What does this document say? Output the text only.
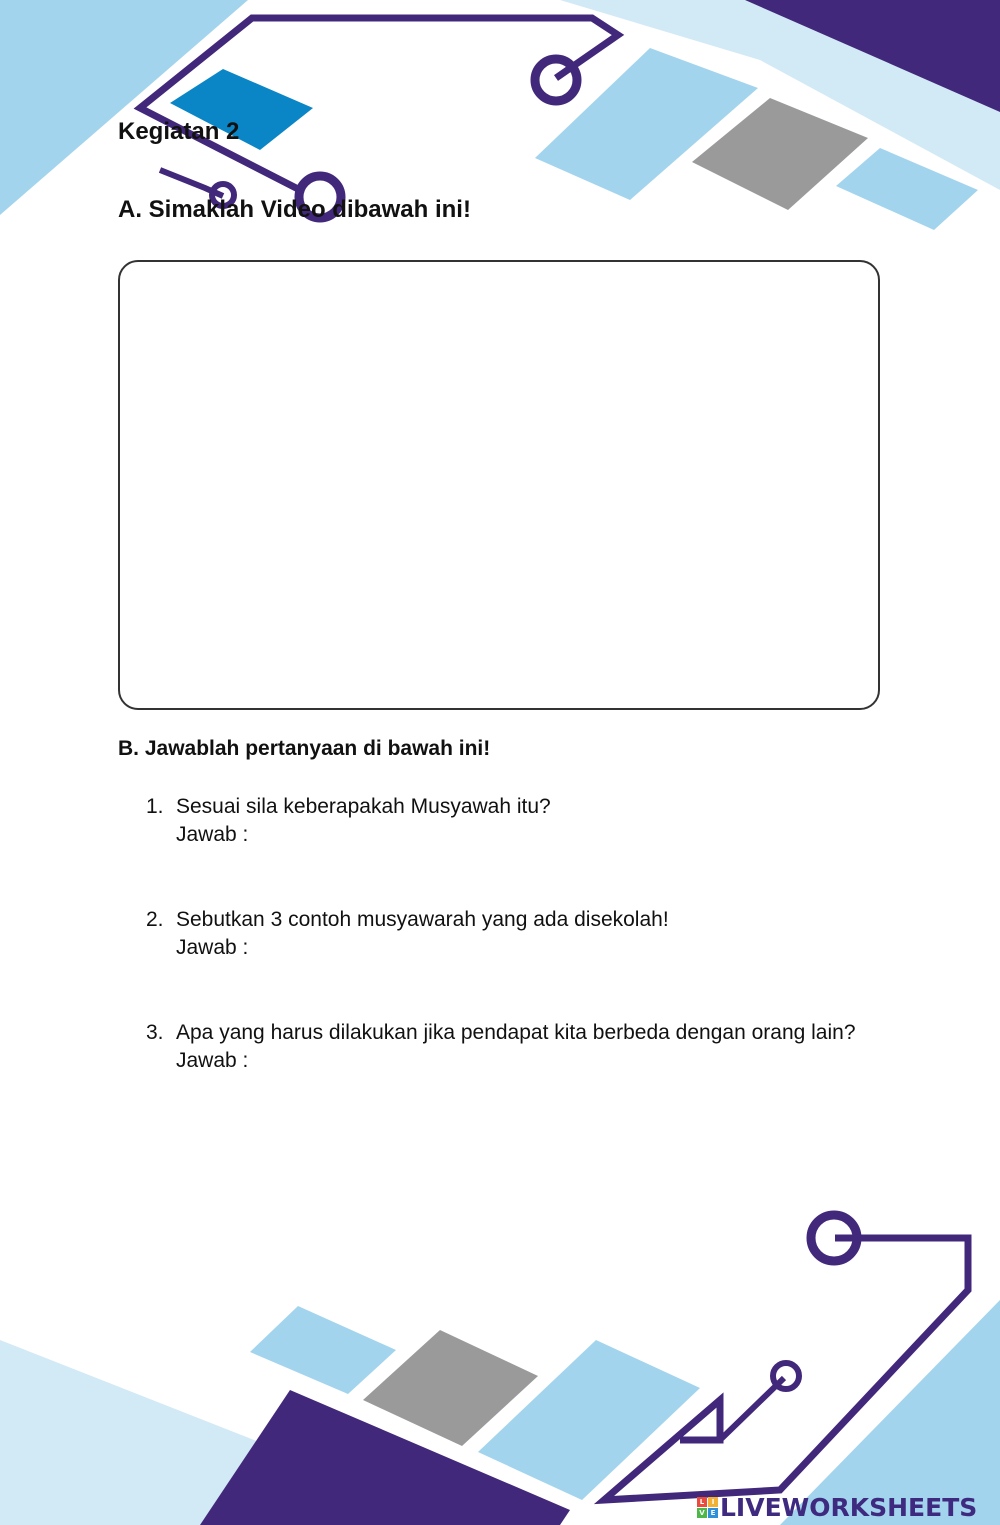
Kegiatan 2
A. Simaklah Video dibawah ini!
B. Jawablah pertanyaan di bawah ini!
1. Sesuai sila keberapakah Musyawah itu?
Jawab :
2. Sebutkan 3 contoh musyawarah yang ada disekolah!
Jawab :
3. Apa yang harus dilakukan jika pendapat kita berbeda dengan orang lain?
Jawab :
L	I
V E LIVEWORKSHEETS
